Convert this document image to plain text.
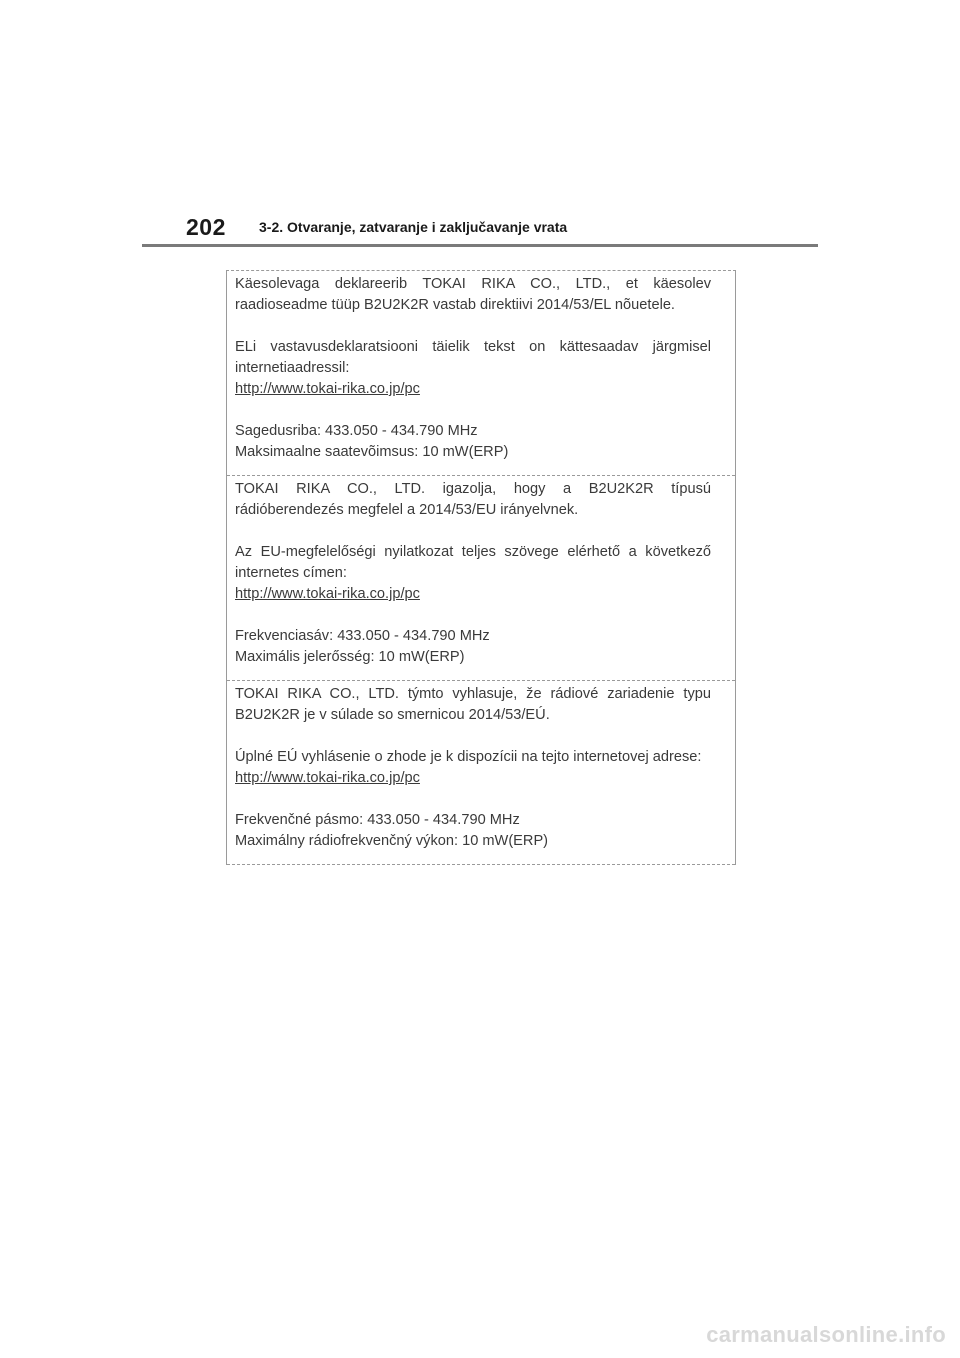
202 3-2. Otvaranje, zatvaranje i zaključavanje vrata

Käesolevaga deklareerib TOKAI RIKA CO., LTD., et käesolev raadioseadme tüüp B2U2K2R vastab direktiivi 2014/53/EL nõuetele.

ELi vastavusdeklaratsiooni täielik tekst on kättesaadav järgmisel internetiaadressil:

http://www.tokai-rika.co.jp/pc

Sagedusriba: 433.050 - 434.790 MHz

Maksimaalne saatevõimsus: 10 mW(ERP)

TOKAI RIKA CO., LTD. igazolja, hogy a B2U2K2R típusú rádióberendezés megfelel a 2014/53/EU irányelvnek.

Az EU-megfelelőségi nyilatkozat teljes szövege elérhető a következő internetes címen:

http://www.tokai-rika.co.jp/pc

Frekvenciasáv: 433.050 - 434.790 MHz

Maximális jelerősség: 10 mW(ERP)

TOKAI RIKA CO., LTD. týmto vyhlasuje, že rádiové zariadenie typu B2U2K2R je v súlade so smernicou 2014/53/EÚ.

Úplné EÚ vyhlásenie o zhode je k dispozícii na tejto internetovej adrese:

http://www.tokai-rika.co.jp/pc

Frekvenčné pásmo: 433.050 - 434.790 MHz

Maximálny rádiofrekvenčný výkon: 10 mW(ERP)

carmanualsonline.info
